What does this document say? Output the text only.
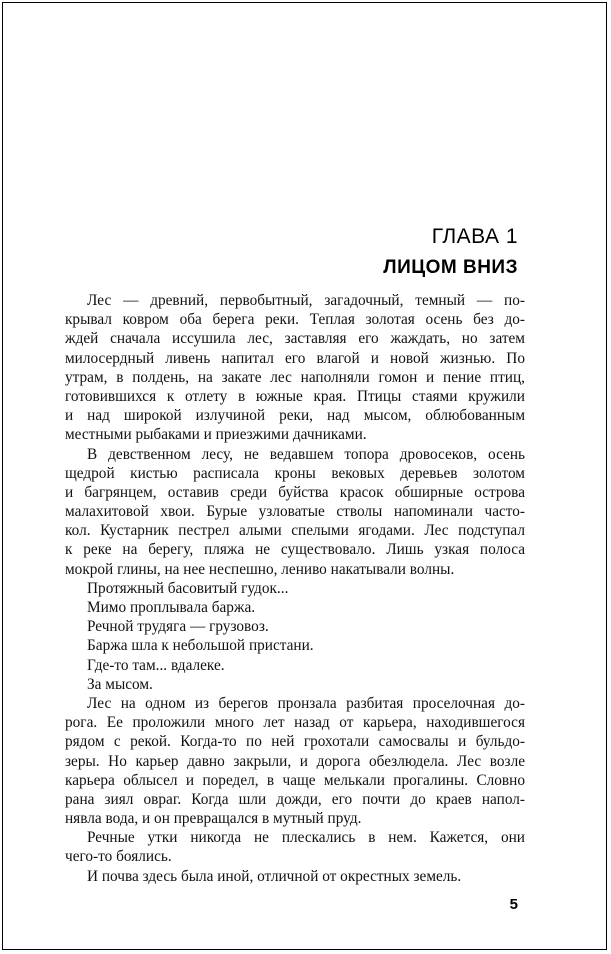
ГЛАВА 1
ЛИЦОМ ВНИЗ
Лес — древний, первобытный, загадочный, темный — по-
крывал ковром оба берега реки. Теплая золотая осень без до-
ждей сначала иссушила лес, заставляя его жаждать, но затем
милосердный ливень напитал его влагой и новой жизнью. По
утрам, в полдень, на закате лес наполняли гомон и пение птиц,
готовившихся к отлету в южные края. Птицы стаями кружили
и над широкой излучиной реки, над мысом, облюбованным
местными рыбаками и приезжими дачниками.
В девственном лесу, не ведавшем топора дровосеков, осень
щедрой кистью расписала кроны вековых деревьев золотом
и багрянцем, оставив среди буйства красок обширные острова
малахитовой хвои. Бурые узловатые стволы напоминали часто-
кол. Кустарник пестрел алыми спелыми ягодами. Лес подступал
к реке на берегу, пляжа не существовало. Лишь узкая полоса
мокрой глины, на нее неспешно, лениво накатывали волны.
Протяжный басовитый гудок...
Мимо проплывала баржа.
Речной трудяга — грузовоз.
Баржа шла к небольшой пристани.
Где-то там... вдалеке.
За мысом.
Лес на одном из берегов пронзала разбитая проселочная до-
рога. Ее проложили много лет назад от карьера, находившегося
рядом с рекой. Когда-то по ней грохотали самосвалы и бульдо-
зеры. Но карьер давно закрыли, и дорога обезлюдела. Лес возле
карьера облысел и поредел, в чаще мелькали прогалины. Словно
рана зиял овраг. Когда шли дожди, его почти до краев напол-
нявла вода, и он превращался в мутный пруд.
Речные утки никогда не плескались в нем. Кажется, они
чего-то боялись.
И почва здесь была иной, отличной от окрестных земель.
5
